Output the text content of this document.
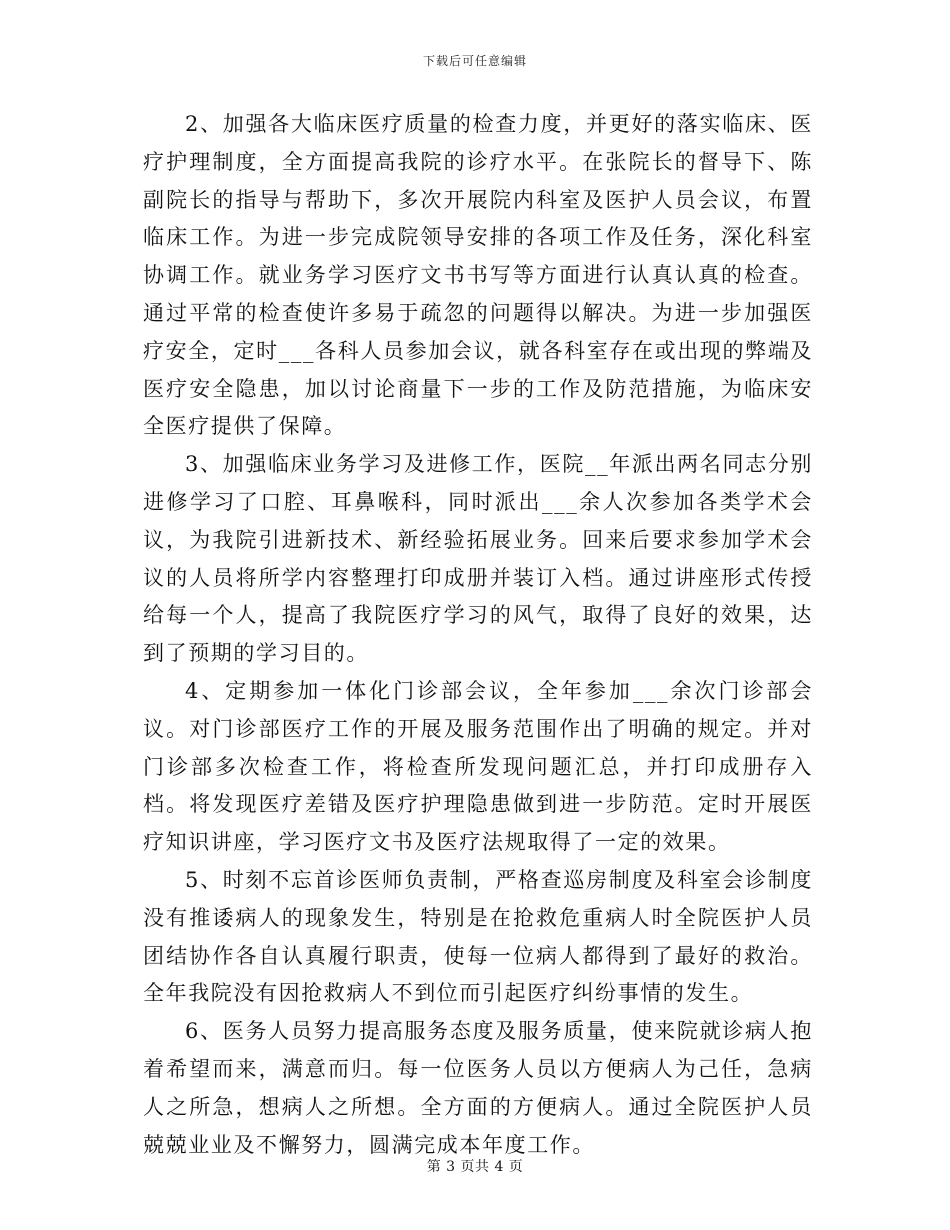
下载后可任意编辑

2、加强各大临床医疗质量的检查力度，并更好的落实临床、医疗护理制度，全方面提高我院的诊疗水平。在张院长的督导下、陈副院长的指导与帮助下，多次开展院内科室及医护人员会议，布置临床工作。为进一步完成院领导安排的各项工作及任务，深化科室协调工作。就业务学习医疗文书书写等方面进行认真认真的检查。通过平常的检查使许多易于疏忽的问题得以解决。为进一步加强医疗安全，定时___各科人员参加会议，就各科室存在或出现的弊端及医疗安全隐患，加以讨论商量下一步的工作及防范措施，为临床安全医疗提供了保障。

3、加强临床业务学习及进修工作，医院__年派出两名同志分别进修学习了口腔、耳鼻喉科，同时派出___余人次参加各类学术会议，为我院引进新技术、新经验拓展业务。回来后要求参加学术会议的人员将所学内容整理打印成册并装订入档。通过讲座形式传授给每一个人，提高了我院医疗学习的风气，取得了良好的效果，达到了预期的学习目的。

4、定期参加一体化门诊部会议，全年参加___余次门诊部会议。对门诊部医疗工作的开展及服务范围作出了明确的规定。并对门诊部多次检查工作，将检查所发现问题汇总，并打印成册存入档。将发现医疗差错及医疗护理隐患做到进一步防范。定时开展医疗知识讲座，学习医疗文书及医疗法规取得了一定的效果。

5、时刻不忘首诊医师负责制，严格查巡房制度及科室会诊制度没有推诿病人的现象发生，特别是在抢救危重病人时全院医护人员团结协作各自认真履行职责，使每一位病人都得到了最好的救治。全年我院没有因抢救病人不到位而引起医疗纠纷事情的发生。

6、医务人员努力提高服务态度及服务质量，使来院就诊病人抱着希望而来，满意而归。每一位医务人员以方便病人为己任，急病人之所急，想病人之所想。全方面的方便病人。通过全院医护人员兢兢业业及不懈努力，圆满完成本年度工作。

第 3 页共 4 页
